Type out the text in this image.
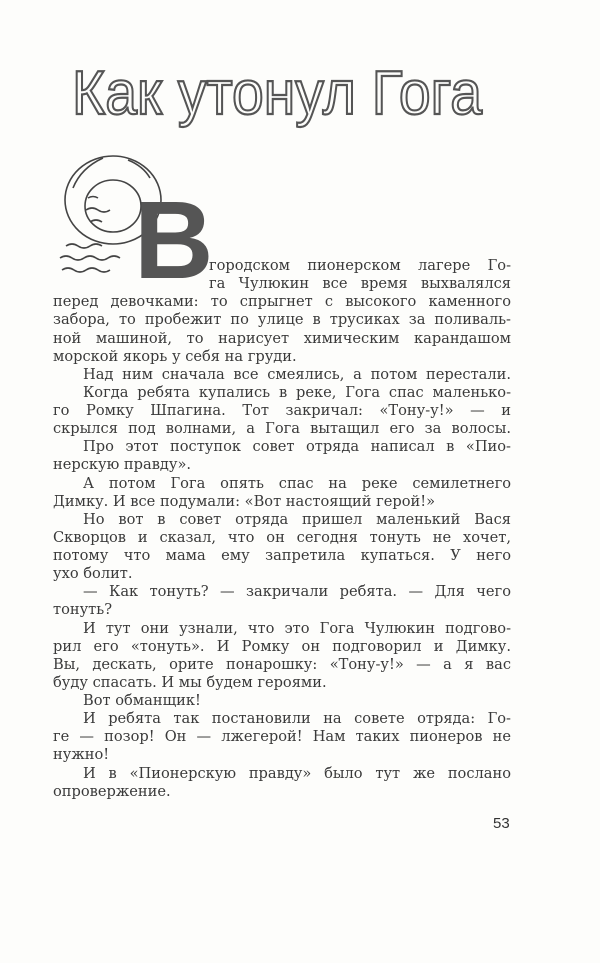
Как утонул Гога
В
городском пионерском лагере Го-
га Чулюкин все время выхвалялся
перед девочками: то спрыгнет с высокого каменного
забора, то пробежит по улице в трусиках за поливаль-
ной машиной, то нарисует химическим карандашом
морской якорь у себя на груди.
Над ним сначала все смеялись, а потом перестали.
Когда ребята купались в реке, Гога спас маленько-
го Ромку Шпагина. Тот закричал: «Тону-у!» — и
скрылся под волнами, а Гога вытащил его за волосы.
Про этот поступок совет отряда написал в «Пио-
нерскую правду».
А потом Гога опять спас на реке семилетнего
Димку. И все подумали: «Вот настоящий герой!»
Но вот в совет отряда пришел маленький Вася
Скворцов и сказал, что он сегодня тонуть не хочет,
потому что мама ему запретила купаться. У него
ухо болит.
— Как тонуть? — закричали ребята. — Для чего
тонуть?
И тут они узнали, что это Гога Чулюкин подгово-
рил его «тонуть». И Ромку он подговорил и Димку.
Вы, дескать, орите понарошку: «Тону-у!» — а я вас
буду спасать. И мы будем героями.
Вот обманщик!
И ребята так постановили на совете отряда: Го-
ге — позор! Он — лжегерой! Нам таких пионеров не
нужно!
И в «Пионерскую правду» было тут же послано
опровержение.
53
